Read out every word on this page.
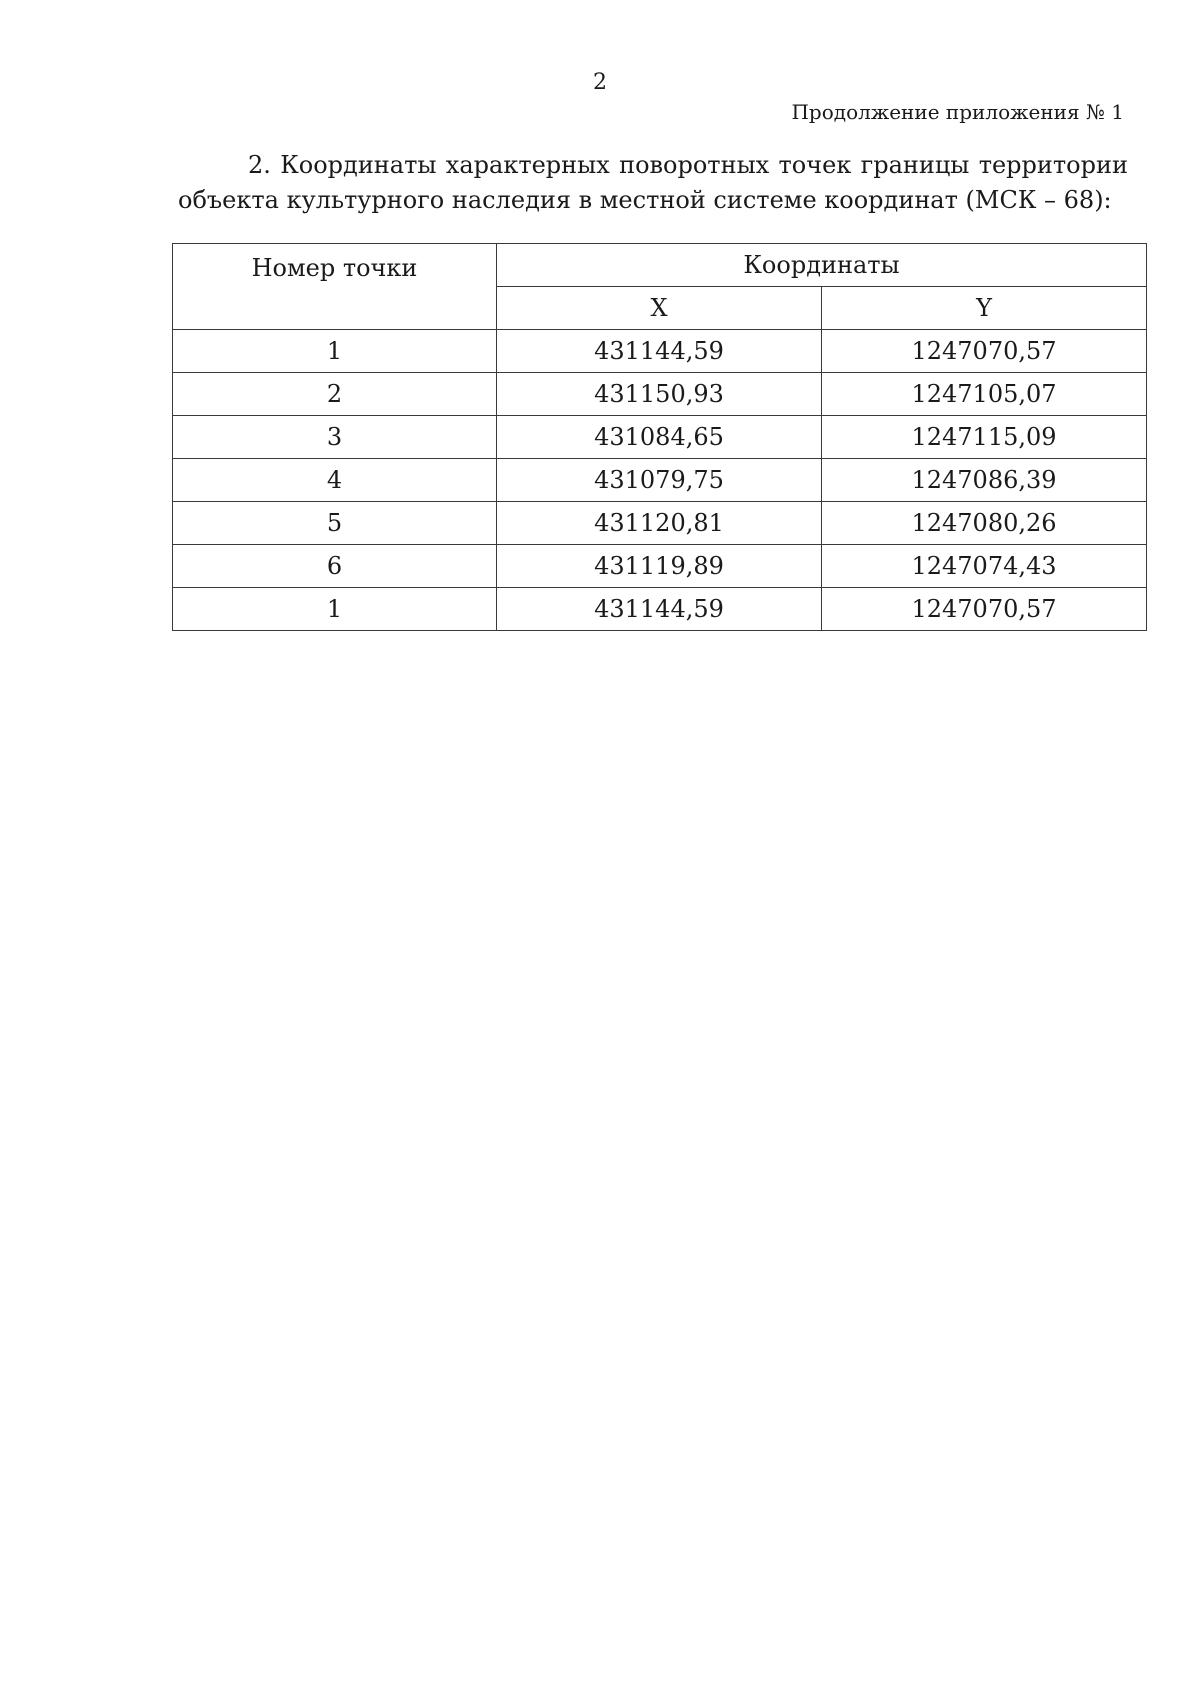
2
Продолжение приложения № 1
2. Координаты характерных поворотных точек границы территории объекта культурного наследия в местной системе координат (МСК – 68):
Номер точки	Координаты	
	X	Y
1	431144,59	1247070,57
2	431150,93	1247105,07
3	431084,65	1247115,09
4	431079,75	1247086,39
5	431120,81	1247080,26
6	431119,89	1247074,43
1	431144,59	1247070,57
